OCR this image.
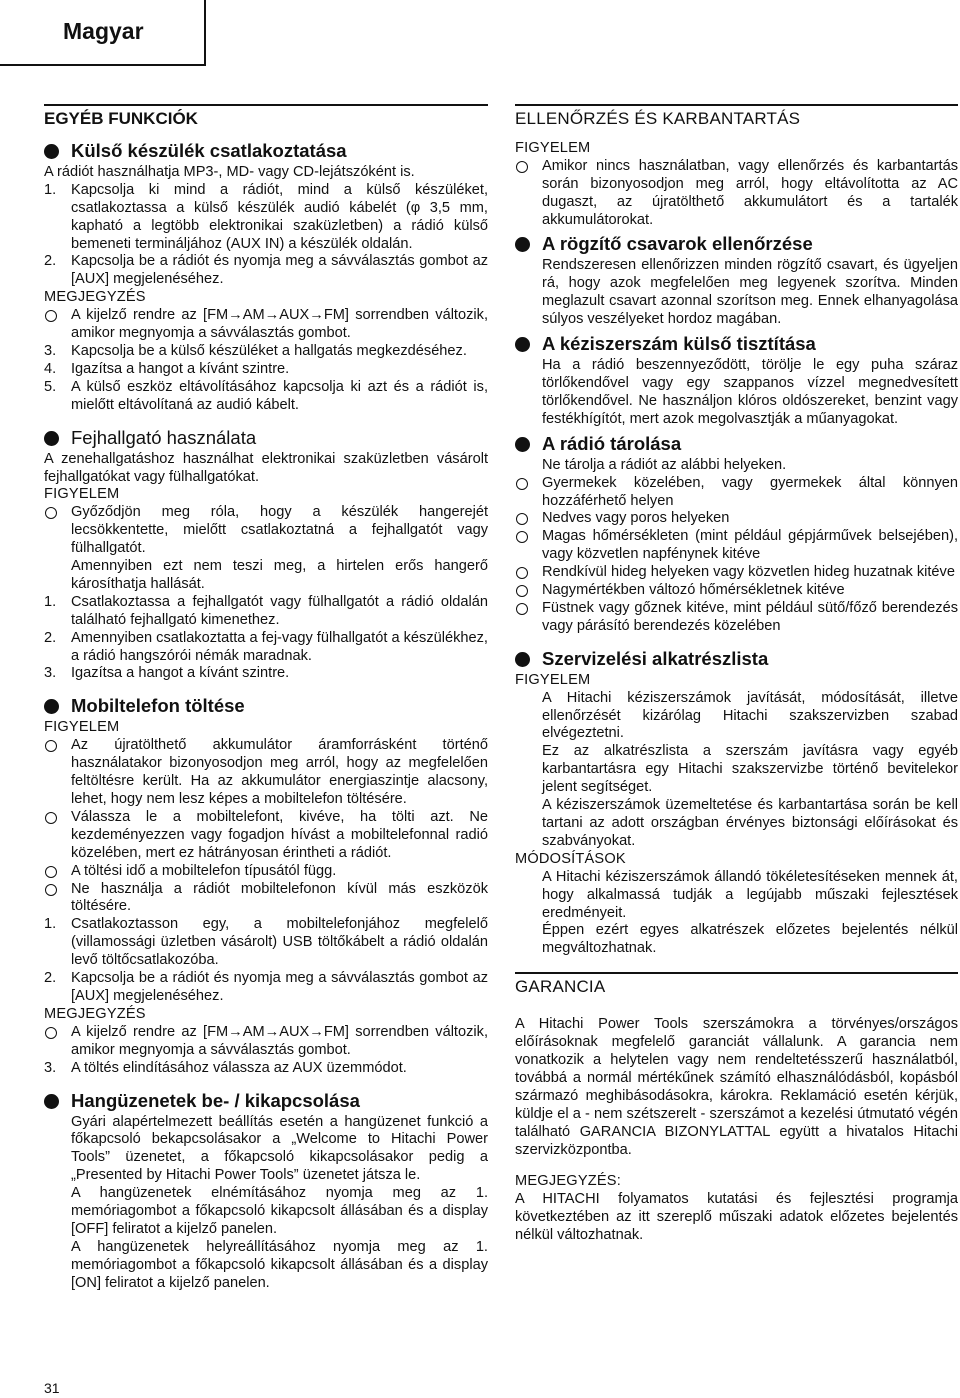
Magyar
EGYÉB FUNKCIÓK
Külső készülék csatlakoztatása

A rádiót használhatja MP3-, MD- vagy CD-lejátszóként is.

1. Kapcsolja ki mind a rádiót, mind a külső készüléket, csatlakoztassa a külső készülék audió kábelét (φ 3,5 mm, kapható a legtöbb elektronikai szaküzletben) a rádió külső bemeneti termináljához (AUX IN) a készülék oldalán.
2. Kapcsolja be a rádiót és nyomja meg a sávválasztás gombot az [AUX] megjelenéséhez.
MEGJEGYZÉS
A kijelző rendre az [FM→AM→AUX→FM] sorrendben változik, amikor megnyomja a sávválasztás gombot.
3. Kapcsolja be a külső készüléket a hallgatás megkezdéséhez.
4. Igazítsa a hangot a kívánt szintre.
5. A külső eszköz eltávolításához kapcsolja ki azt és a rádiót is, mielőtt eltávolítaná az audió kábelt.
Fejhallgató használata

A zenehallgatáshoz használhat elektronikai szaküzletben vásárolt fejhallgatókat vagy fülhallgatókat.

FIGYELEM
Győződjön meg róla, hogy a készülék hangerejét lecsökkentette, mielőtt csatlakoztatná a fejhallgatót vagy fülhallgatót.
Amennyiben ezt nem teszi meg, a hirtelen erős hangerő károsíthatja hallását.
1. Csatlakoztassa a fejhallgatót vagy fülhallgatót a rádió oldalán található fejhallgató kimenethez.
2. Amennyiben csatlakoztatta a fej-vagy fülhallgatót a készülékhez, a rádió hangszórói némák maradnak.
3. Igazítsa a hangot a kívánt szintre.
Mobiltelefon töltése
FIGYELEM
Az újratölthető akkumulátor áramforrásként történő használatakor bizonyosodjon meg arról, hogy az megfelelően feltöltésre került. Ha az akkumulátor energiaszintje alacsony, lehet, hogy nem lesz képes a mobiltelefon töltésére.
Válassza le a mobiltelefont, kivéve, ha tölti azt. Ne kezdeményezzen vagy fogadjon hívást a mobiltelefonnal radió közelében, mert ez hátrányosan érintheti a rádiót.
A töltési idő a mobiltelefon típusától függ.
Ne használja a rádiót mobiltelefonon kívül más eszközök töltésére.
1. Csatlakoztasson egy, a mobiltelefonjához megfelelő (villamossági üzletben vásárolt) USB töltőkábelt a rádió oldalán levő töltőcsatlakozóba.
2. Kapcsolja be a rádiót és nyomja meg a sávválasztás gombot az [AUX] megjelenéséhez.
MEGJEGYZÉS
A kijelző rendre az [FM→AM→AUX→FM] sorrendben változik, amikor megnyomja a sávválasztás gombot.
3. A töltés elindításához válassza az AUX üzemmódot.
Hangüzenetek be- / kikapcsolása
Gyári alapértelmezett beállítás esetén a hangüzenet funkció a főkapcsoló bekapcsolásakor a „Welcome to Hitachi Power Tools” üzenetet, a főkapcsoló kikapcsolásakor pedig a „Presented by Hitachi Power Tools” üzenetet játsza le.
A hangüzenetek elnémításához nyomja meg az 1. memóriagombot a főkapcsoló kikapcsolt állásában és a display [OFF] feliratot a kijelző panelen.
A hangüzenetek helyreállításához nyomja meg az 1. memóriagombot a főkapcsoló kikapcsolt állásában és a display [ON] feliratot a kijelző panelen.
ELLENŐRZÉS ÉS KARBANTARTÁS
FIGYELEM
Amikor nincs használatban, vagy ellenőrzés és karbantartás során bizonyosodjon meg arról, hogy eltávolította az AC dugaszt, az újratölthető akkumulátort és a tartalék akkumulátorokat.
A rögzítő csavarok ellenőrzése
Rendszeresen ellenőrizzen minden rögzítő csavart, és ügyeljen rá, hogy azok megfelelően meg legyenek szorítva. Minden meglazult csavart azonnal szorítson meg. Ennek elhanyagolása súlyos veszélyeket hordoz magában.
A kéziszerszám külső tisztítása
Ha a rádió beszennyeződött, törölje le egy puha száraz törlőkendővel vagy egy szappanos vízzel megnedvesített törlőkendővel. Ne használjon klóros oldószereket, benzint vagy festékhígítót, mert azok megolvasztják a műanyagokat.
A rádió tárolása
Ne tárolja a rádiót az alábbi helyeken.
Gyermekek közelében, vagy gyermekek által könnyen hozzáférhető helyen
Nedves vagy poros helyeken
Magas hőmérsékleten (mint például gépjárművek belsejében), vagy közvetlen napfénynek kitéve
Rendkívül hideg helyeken vagy közvetlen hideg huzatnak kitéve
Nagymértékben változó hőmérsékletnek kitéve
Füstnek vagy gőznek kitéve, mint például sütő/főző berendezés vagy párásító berendezés közelében
Szervizelési alkatrészlista
FIGYELEM
A Hitachi kéziszerszámok javítását, módosítását, illetve ellenőrzését kizárólag Hitachi szakszervizben szabad elvégeztetni.
Ez az alkatrészlista a szerszám javításra vagy egyéb karbantartásra egy Hitachi szakszervizbe történő bevitelekor jelent segítséget.
A kéziszerszámok üzemeltetése és karbantartása során be kell tartani az adott országban érvényes biztonsági előírásokat és szabványokat.
MÓDOSÍTÁSOK
A Hitachi kéziszerszámok állandó tökéletesítéseken mennek át, hogy alkalmassá tudják a legújabb műszaki fejlesztések eredményeit.
Éppen ezért egyes alkatrészek előzetes bejelentés nélkül megváltozhatnak.
GARANCIA

A Hitachi Power Tools szerszámokra a törvényes/országos előírásoknak megfelelő garanciát vállalunk. A garancia nem vonatkozik a helytelen vagy nem rendeltetésszerű használatból, továbbá a normál mértékűnek számító elhasználódásból, kopásból származó meghibásodásokra, károkra. Reklamáció esetén kérjük, küldje el a - nem szétszerelt - szerszámot a kezelési útmutató végén található GARANCIA BIZONYLATTAL együtt a hivatalos Hitachi szervizközpontba.

MEGJEGYZÉS:

A HITACHI folyamatos kutatási és fejlesztési programja következtében az itt szereplő műszaki adatok előzetes bejelentés nélkül változhatnak.

31
